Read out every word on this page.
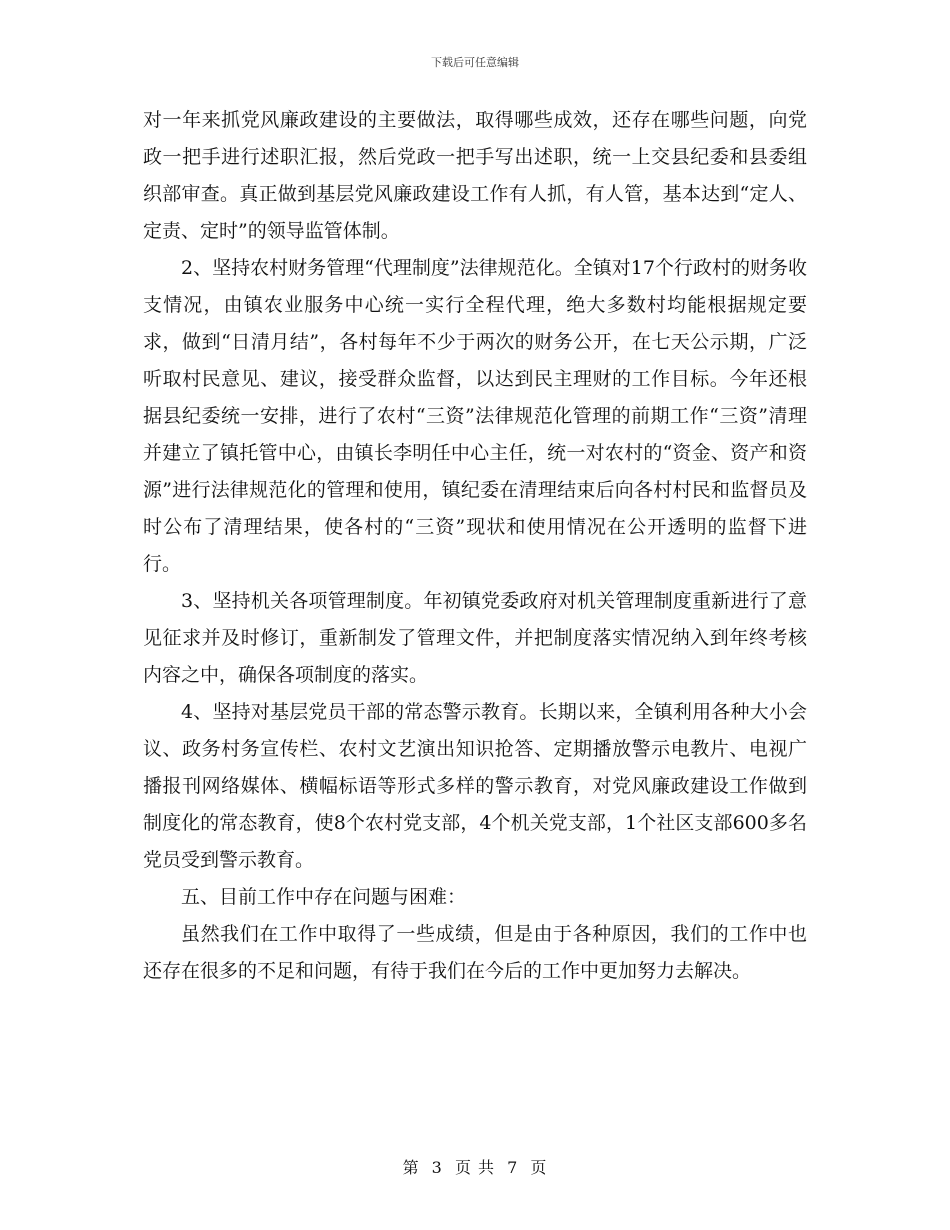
下载后可任意编辑

对一年来抓党风廉政建设的主要做法，取得哪些成效，还存在哪些问题，向党政一把手进行述职汇报，然后党政一把手写出述职，统一上交县纪委和县委组织部审查。真正做到基层党风廉政建设工作有人抓，有人管，基本达到“定人、定责、定时”的领导监管体制。

2、坚持农村财务管理“代理制度”法律规范化。全镇对17个行政村的财务收支情况，由镇农业服务中心统一实行全程代理，绝大多数村均能根据规定要求，做到“日清月结”，各村每年不少于两次的财务公开，在七天公示期，广泛听取村民意见、建议，接受群众监督，以达到民主理财的工作目标。今年还根据县纪委统一安排，进行了农村“三资”法律规范化管理的前期工作“三资”清理并建立了镇托管中心，由镇长李明任中心主任，统一对农村的“资金、资产和资源”进行法律规范化的管理和使用，镇纪委在清理结束后向各村村民和监督员及时公布了清理结果，使各村的“三资”现状和使用情况在公开透明的监督下进行。

3、坚持机关各项管理制度。年初镇党委政府对机关管理制度重新进行了意见征求并及时修订，重新制发了管理文件，并把制度落实情况纳入到年终考核内容之中，确保各项制度的落实。

4、坚持对基层党员干部的常态警示教育。长期以来，全镇利用各种大小会议、政务村务宣传栏、农村文艺演出知识抢答、定期播放警示电教片、电视广播报刊网络媒体、横幅标语等形式多样的警示教育，对党风廉政建设工作做到制度化的常态教育，使8个农村党支部，4个机关党支部，1个社区支部600多名党员受到警示教育。

五、目前工作中存在问题与困难：

虽然我们在工作中取得了一些成绩，但是由于各种原因，我们的工作中也还存在很多的不足和问题，有待于我们在今后的工作中更加努力去解决。

第 3 页 共 7 页
